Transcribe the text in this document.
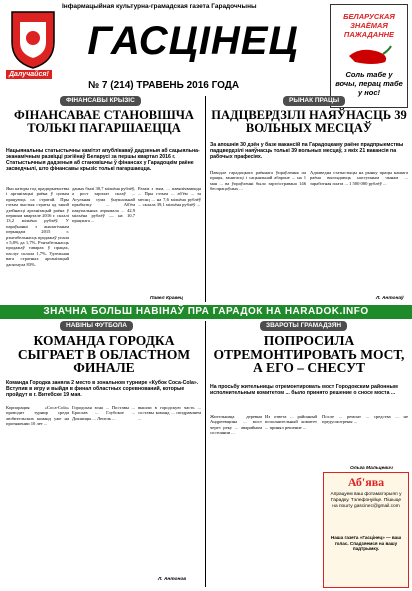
Інфармацыйная культурна-грамадская газета Гарадоччыны
Далучайся!
ГАСЦІНЕЦ
№ 7 (214) ТРАВЕНЬ 2016 ГОДА
БЕЛАРУСКАЯ ЗНАЁМАЯ ПАЖАДАННЕ
Соль табе у вочы, перац табе у нос!
ФІНАНСАВЫ КРЫЗІС
ФІНАНСАВАЕ СТАНОВІШЧА ТОЛЬКІ ПАГАРШАЕЦЦА
Нацыянальны статыстычны камітэт апублікаваў дадзеныя аб сацыяльна-эканамічным развіцці рэгіёнаў Беларусі за першы квартал 2016 г. Статыстычныя дадзеныя аб становішчы ў фінансах у Гарадоцкім раёне засведчылі, што фінансавы крызіс толькі пагаршаецца.
Яно каторы год прадпрыемствы і арганізацыі раёна ў цэлым працуюць са стратай. Пры гэтым чыстыя страты ад такой дзейнасці арганізацый раёна ў першым квартале 2016 г. склалі 13,2 мільёна рублёў. У параўнанні з аналагічным перыядам 2015 г. рэнтабельнасць продажаў упала з 5,8% да 1,7%. Рэнтабельнасць продажаў таварах ў працах, паслуг склала 1,7%. Удзельная вага стратных арганізацый дасягнула 83%.
даных былі 30,7 мільёна рублёў, а рост зарплат склаў ... Агульная сума ўнушальнай прыбытку ... Аб'ём пакупальных атрымала ... 42,9 мільёна рублёў — на 10,7 працэнта ...
Разам з тым, ... павялічваюцца ... Пры гэтым ... аб'ём ... за месяц ... на 7,6 мільёна рублёў ... склала 39,1 мільёна рублёў ...
Павел Кравец
РЫНАК ПРАЦЫ
ПАДЦВЕРДЗІЛІ НАЯЎНАСЦЬ 39 ВОЛЬНЫХ МЕСЦАЎ
За апошнія 30 дзён у базе вакансій па Гарадоцкаму раёне прадпрыемствы падцвердзілі наяўнасць толькі 39 вольных месцаў, з якіх 21 вакансія па рабочых прафесіях.
Паводле гарадоцкага раённага ўпраўлення па працы, занятасці і сацыяльнай абароне ... на 1 мая ... ва ўпраўленні было зарэгістравана 146 беспрацоўных ...
Адпаведна статыстыцы на рынку працы нашага раёна выглядаюць наступным чынам ... заработная плата ... 1 500 000 рублёў ...
Л. Антонаў
ЗНАЧНА БОЛЬШ НАВІНАЎ ПРА ГАРАДОК НА HARADOK.INFO
НАВІНЫ ФУТБОЛА
КОМАНДА ГОРОДКА СЫГРАЕТ В ОБЛАСТНОМ ФИНАЛЕ
Команда Городка заняла 2 место в зональном турнире «Кубок Соса-Сola». Вступив в игру и выйдя в финал областных соревнований, которые пройдут в г. Витебске 19 мая.
Корпорация «Сосa-Cola» пpoводит турнир среди любительских команд уже на протяжении 10 лет ...
Городская зона ... Поставы ... Браслав ... Глубокое ... Докшицы ... Лепель ...
вышли в городскую часть ... составы команд ... поздравляем ...
Л. Антонов
ЗВАРОТЫ ГРАМАДЗЯН
ПОПРОСИЛА ОТРЕМОНТИРОВАТЬ МОСТ, А ЕГО – СНЕСУТ
На просьбу жительницы отремонтировать мост Городокским районным исполнительным комитетом ... было принято решение о сносе моста ...
Жительница деревни Андреевщина ... мост через реку ... аварийном состоянии ...
Из ответа ... районный исполнительный комитет ... принял решение ...
После ... ремонт ... средства ... не предусмотрены ...
Ольга Мальцевич
Аб'ява
Апрацуем ваш фотаматэрыял у Гарадку. Тэлефонуйце. Пішыце на пошту gascinec@gmail.com
Наша газета «Гасцінец» — ваш голас. Спадзяемся на вашу падтрымку.
